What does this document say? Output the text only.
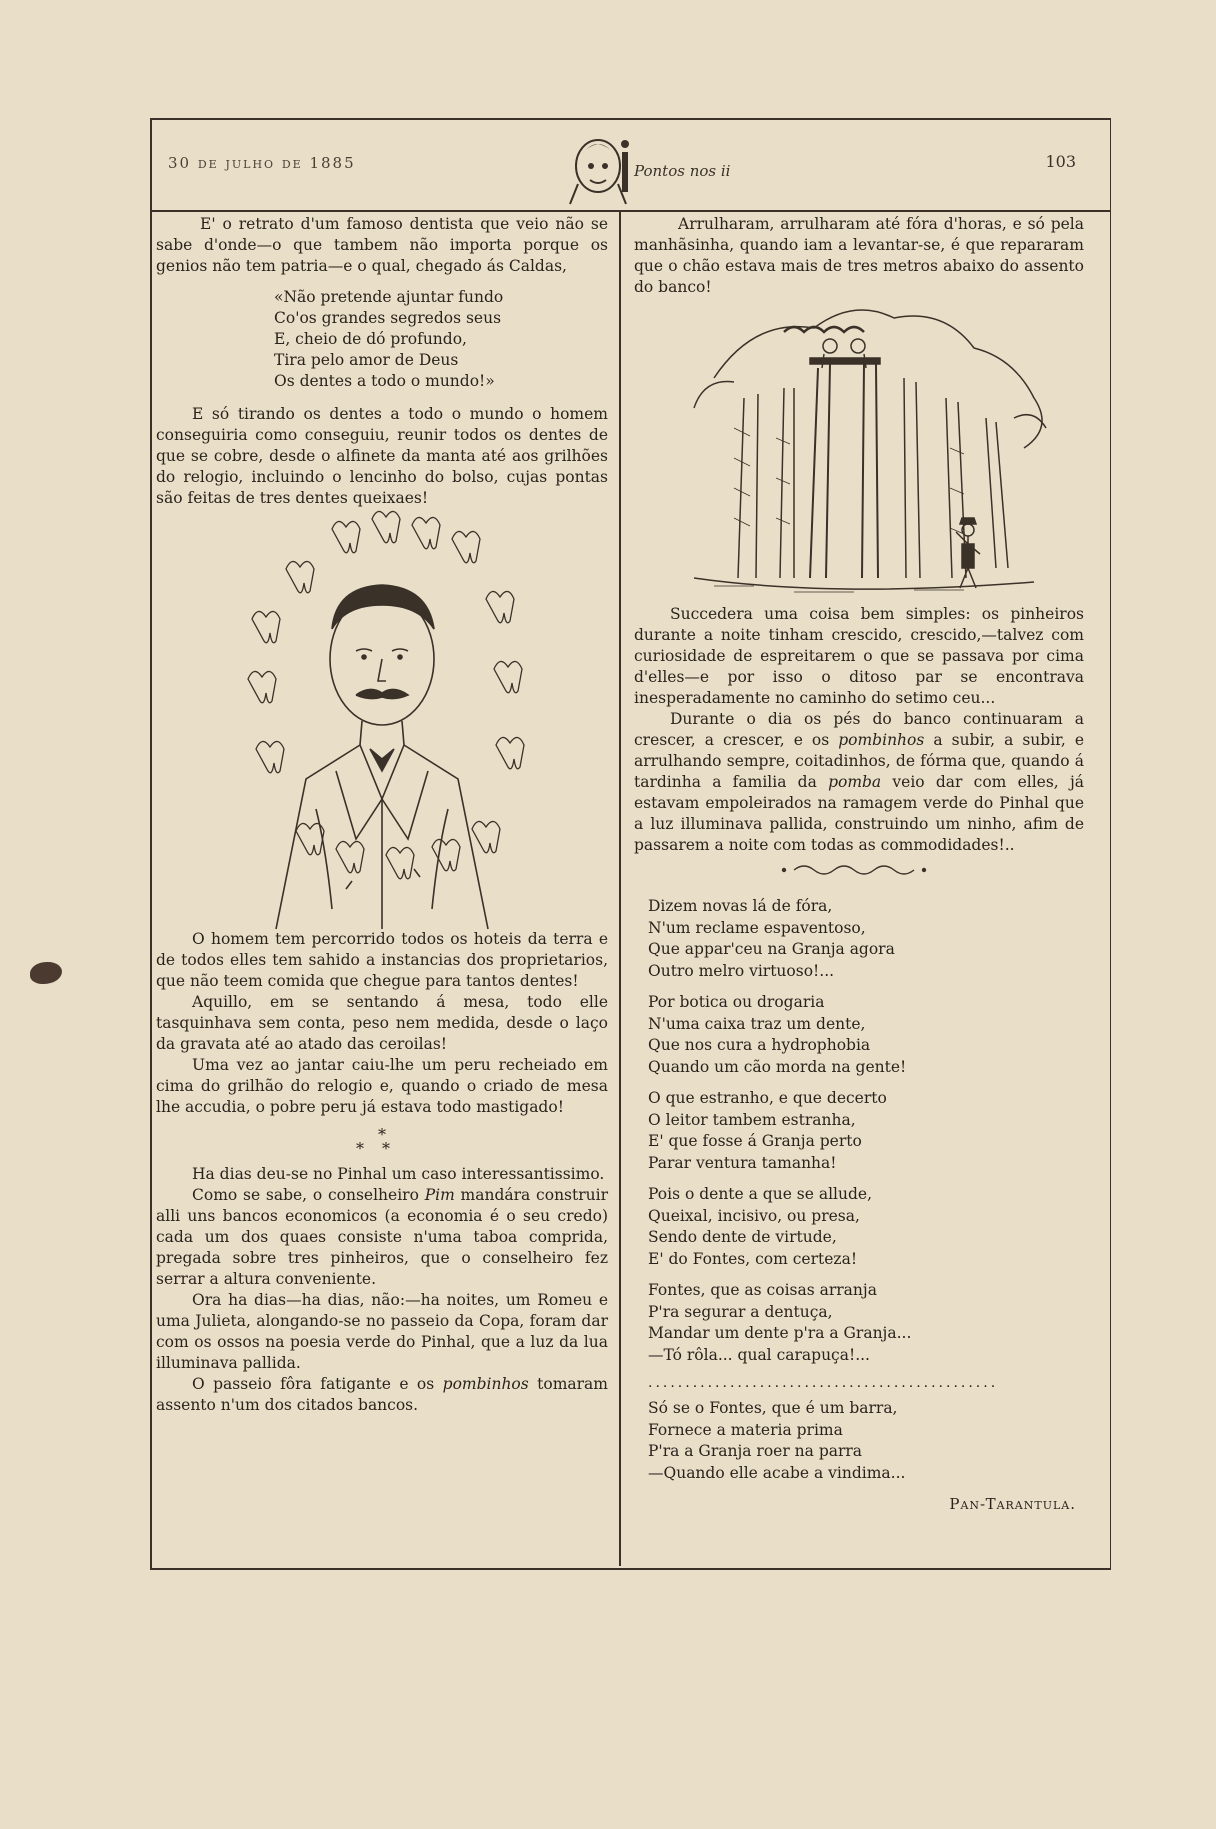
30 de julho de 1885	Pontos nos ii	103

E' o retrato d'um famoso dentista que veio não se sabe d'onde—o que tambem não importa porque os genios não tem patria—e o qual, chegado ás Caldas,

«Não pretende ajuntar fundo
Co'os grandes segredos seus
E, cheio de dó profundo,
Tira pelo amor de Deus
Os dentes a todo o mundo!»

E só tirando os dentes a todo o mundo o homem conseguiria como conseguiu, reunir todos os dentes de que se cobre, desde o alfinete da manta até aos grilhões do relogio, incluindo o lencinho do bolso, cujas pontas são feitas de tres dentes queixaes!

O homem tem percorrido todos os hoteis da terra e de todos elles tem sahido a instancias dos proprietarios, que não teem comida que chegue para tantos dentes!

Aquillo, em se sentando á mesa, todo elle tasquinhava sem conta, peso nem medida, desde o laço da gravata até ao atado das ceroilas!

Uma vez ao jantar caiu-lhe um peru recheiado em cima do grilhão do relogio e, quando o criado de mesa lhe accudia, o pobre peru já estava todo mastigado!

*
**

Ha dias deu-se no Pinhal um caso interessantissimo.

Como se sabe, o conselheiro Pim mandára construir alli uns bancos economicos (a economia é o seu credo) cada um dos quaes consiste n'uma taboa comprida, pregada sobre tres pinheiros, que o conselheiro fez serrar a altura conveniente.

Ora ha dias—ha dias, não:—ha noites, um Romeu e uma Julieta, alongando-se no passeio da Copa, foram dar com os ossos na poesia verde do Pinhal, que a luz da lua illuminava pallida.

O passeio fôra fatigante e os pombinhos tomaram assento n'um dos citados bancos.

Arrulharam, arrulharam até fóra d'horas, e só pela manhãsinha, quando iam a levantar-se, é que repararam que o chão estava mais de tres metros abaixo do assento do banco!

Succedera uma coisa bem simples: os pinheiros durante a noite tinham crescido, crescido,—talvez com curiosidade de espreitarem o que se passava por cima d'elles—e por isso o ditoso par se encontrava inesperadamente no caminho do setimo ceu...

Durante o dia os pés do banco continuaram a crescer, a crescer, e os pombinhos a subir, a subir, e arrulhando sempre, coitadinhos, de fórma que, quando á tardinha a familia da pomba veio dar com elles, já estavam empoleirados na ramagem verde do Pinhal que a luz illuminava pallida, construindo um ninho, afim de passarem a noite com todas as commodidades!..

Dizem novas lá de fóra,
N'um reclame espaventoso,
Que appar'ceu na Granja agora
Outro melro virtuoso!...
Por botica ou drogaria
N'uma caixa traz um dente,
Que nos cura a hydrophobia
Quando um cão morda na gente!
O que estranho, e que decerto
O leitor tambem estranha,
E' que fosse á Granja perto
Parar ventura tamanha!
Pois o dente a que se allude,
Queixal, incisivo, ou presa,
Sendo dente de virtude,
E' do Fontes, com certeza!
Fontes, que as coisas arranja
P'ra segurar a dentuça,
Mandar um dente p'ra a Granja...
—Tó rôla... qual carapuça!...
...............................................
Só se o Fontes, que é um barra,
Fornece a materia prima
P'ra a Granja roer na parra
—Quando elle acabe a vindima...
Pan-Tarantula.
